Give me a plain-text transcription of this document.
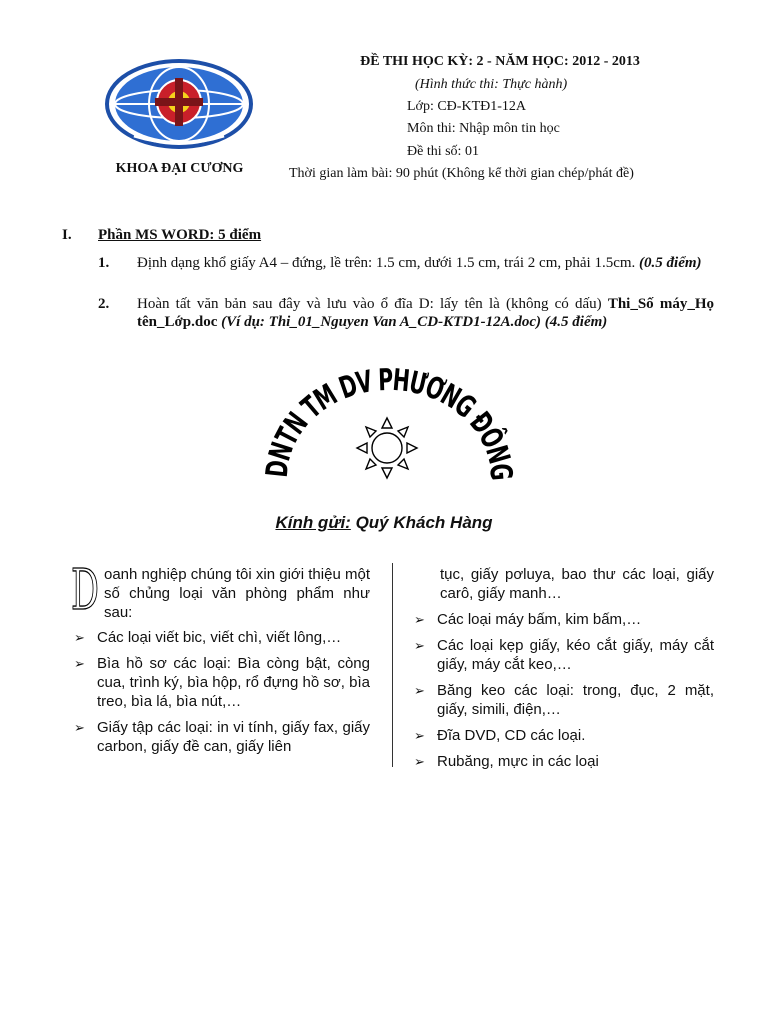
KHOA ĐẠI CƯƠNG
ĐỀ THI HỌC KỲ: 2 - NĂM HỌC: 2012 - 2013
(Hình thức thi: Thực hành)
Lớp: CĐ-KTĐ1-12A
Môn thi: Nhập môn tin học
Đề thi số: 01
Thời gian làm bài: 90 phút (Không kể thời gian chép/phát đề)
I. Phần MS WORD: 5 điểm
1. Định dạng khổ giấy A4 – đứng, lề trên: 1.5 cm, dưới 1.5 cm, trái 2 cm, phải 1.5cm. (0.5 điểm)
2. Hoàn tất văn bản sau đây và lưu vào ổ đĩa D: lấy tên là (không có dấu) Thi_Số máy_Họ tên_Lớp.doc (Ví dụ: Thi_01_Nguyen Van A_CD-KTD1-12A.doc) (4.5 điểm)
DNTN TM DV PHƯƠNG ĐÔNG
Kính gửi: Quý Khách Hàng
D oanh nghiệp chúng tôi xin giới thiệu một số chủng loại văn phòng phẩm như sau:
➢ Các loại viết bic, viết chì, viết lông,…
➢ Bìa hồ sơ các loại: Bìa còng bật, còng cua, trình ký, bìa hộp, rổ đựng hồ sơ, bìa treo, bìa lá, bìa nút,…
➢ Giấy tập các loại: in vi tính, giấy fax, giấy carbon, giấy đề can, giấy liên
tục, giấy pơluya, bao thư các loại, giấy carô, giấy manh…
➢ Các loại máy bấm, kim bấm,…
➢ Các loại kẹp giấy, kéo cắt giấy, máy cắt giấy, máy cắt keo,…
➢ Băng keo các loại: trong, đục, 2 mặt, giấy, simili, điện,…
➢ Đĩa DVD, CD các loại.
➢ Rubăng, mực in các loại
